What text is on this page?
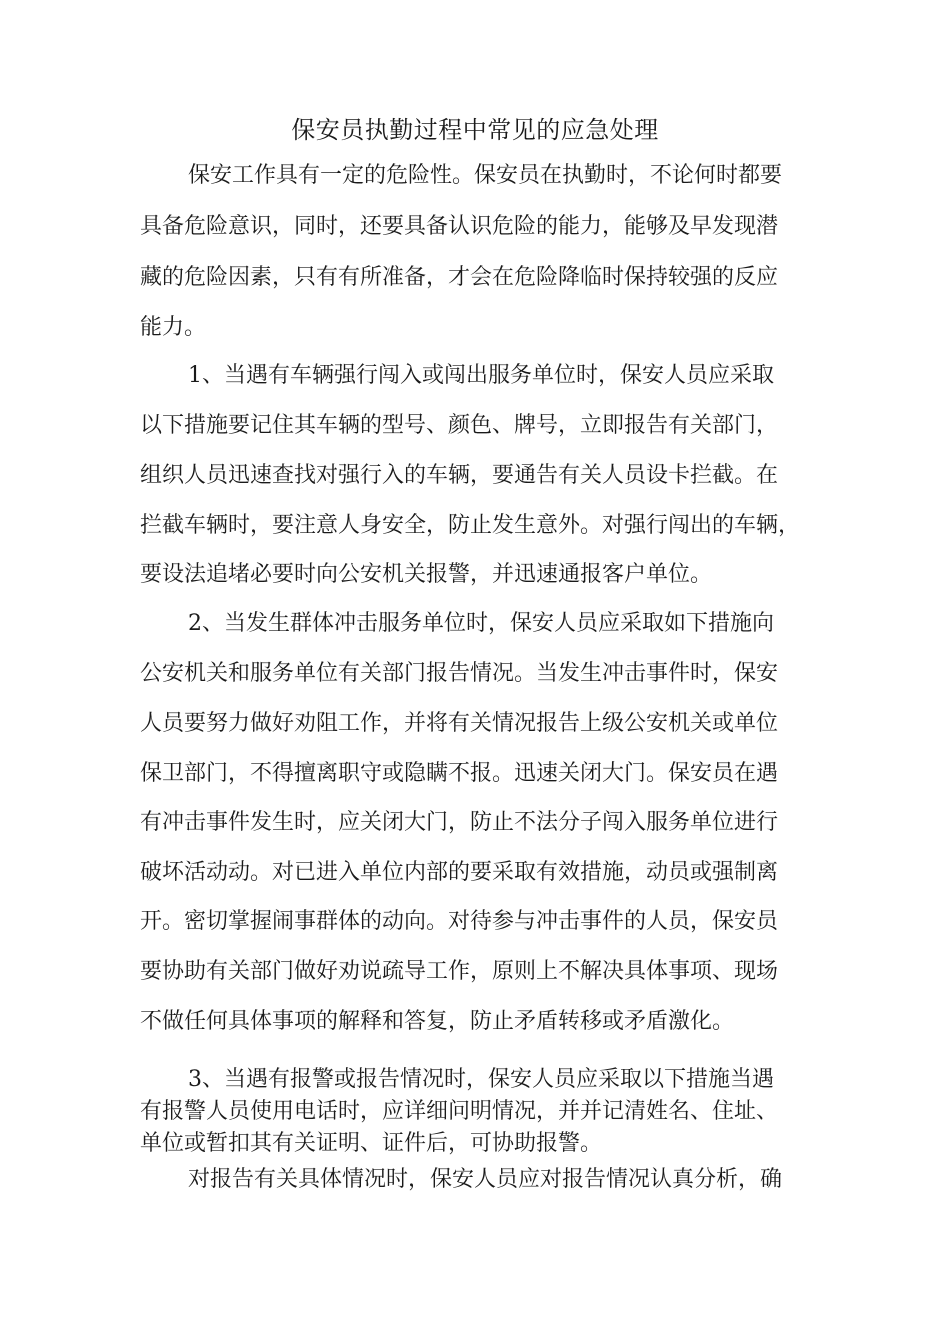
保安员执勤过程中常见的应急处理
保安工作具有一定的危险性。保安员在执勤时，不论何时都要
具备危险意识，同时，还要具备认识危险的能力，能够及早发现潜
藏的危险因素，只有有所准备，才会在危险降临时保持较强的反应
能力。
1、当遇有车辆强行闯入或闯出服务单位时，保安人员应采取
以下措施要记住其车辆的型号、颜色、牌号，立即报告有关部门，
组织人员迅速查找对强行入的车辆，要通告有关人员设卡拦截。在
拦截车辆时，要注意人身安全，防止发生意外。对强行闯出的车辆，
要设法追堵必要时向公安机关报警，并迅速通报客户单位。
2、当发生群体冲击服务单位时，保安人员应采取如下措施向
公安机关和服务单位有关部门报告情况。当发生冲击事件时，保安
人员要努力做好劝阻工作，并将有关情况报告上级公安机关或单位
保卫部门，不得擅离职守或隐瞒不报。迅速关闭大门。保安员在遇
有冲击事件发生时，应关闭大门，防止不法分子闯入服务单位进行
破坏活动动。对已进入单位内部的要采取有效措施，动员或强制离
开。密切掌握闹事群体的动向。对待参与冲击事件的人员，保安员
要协助有关部门做好劝说疏导工作，原则上不解决具体事项、现场
不做任何具体事项的解释和答复，防止矛盾转移或矛盾激化。
3、当遇有报警或报告情况时，保安人员应采取以下措施当遇
有报警人员使用电话时，应详细问明情况，并并记清姓名、住址、
单位或暂扣其有关证明、证件后，可协助报警。
对报告有关具体情况时，保安人员应对报告情况认真分析，确
